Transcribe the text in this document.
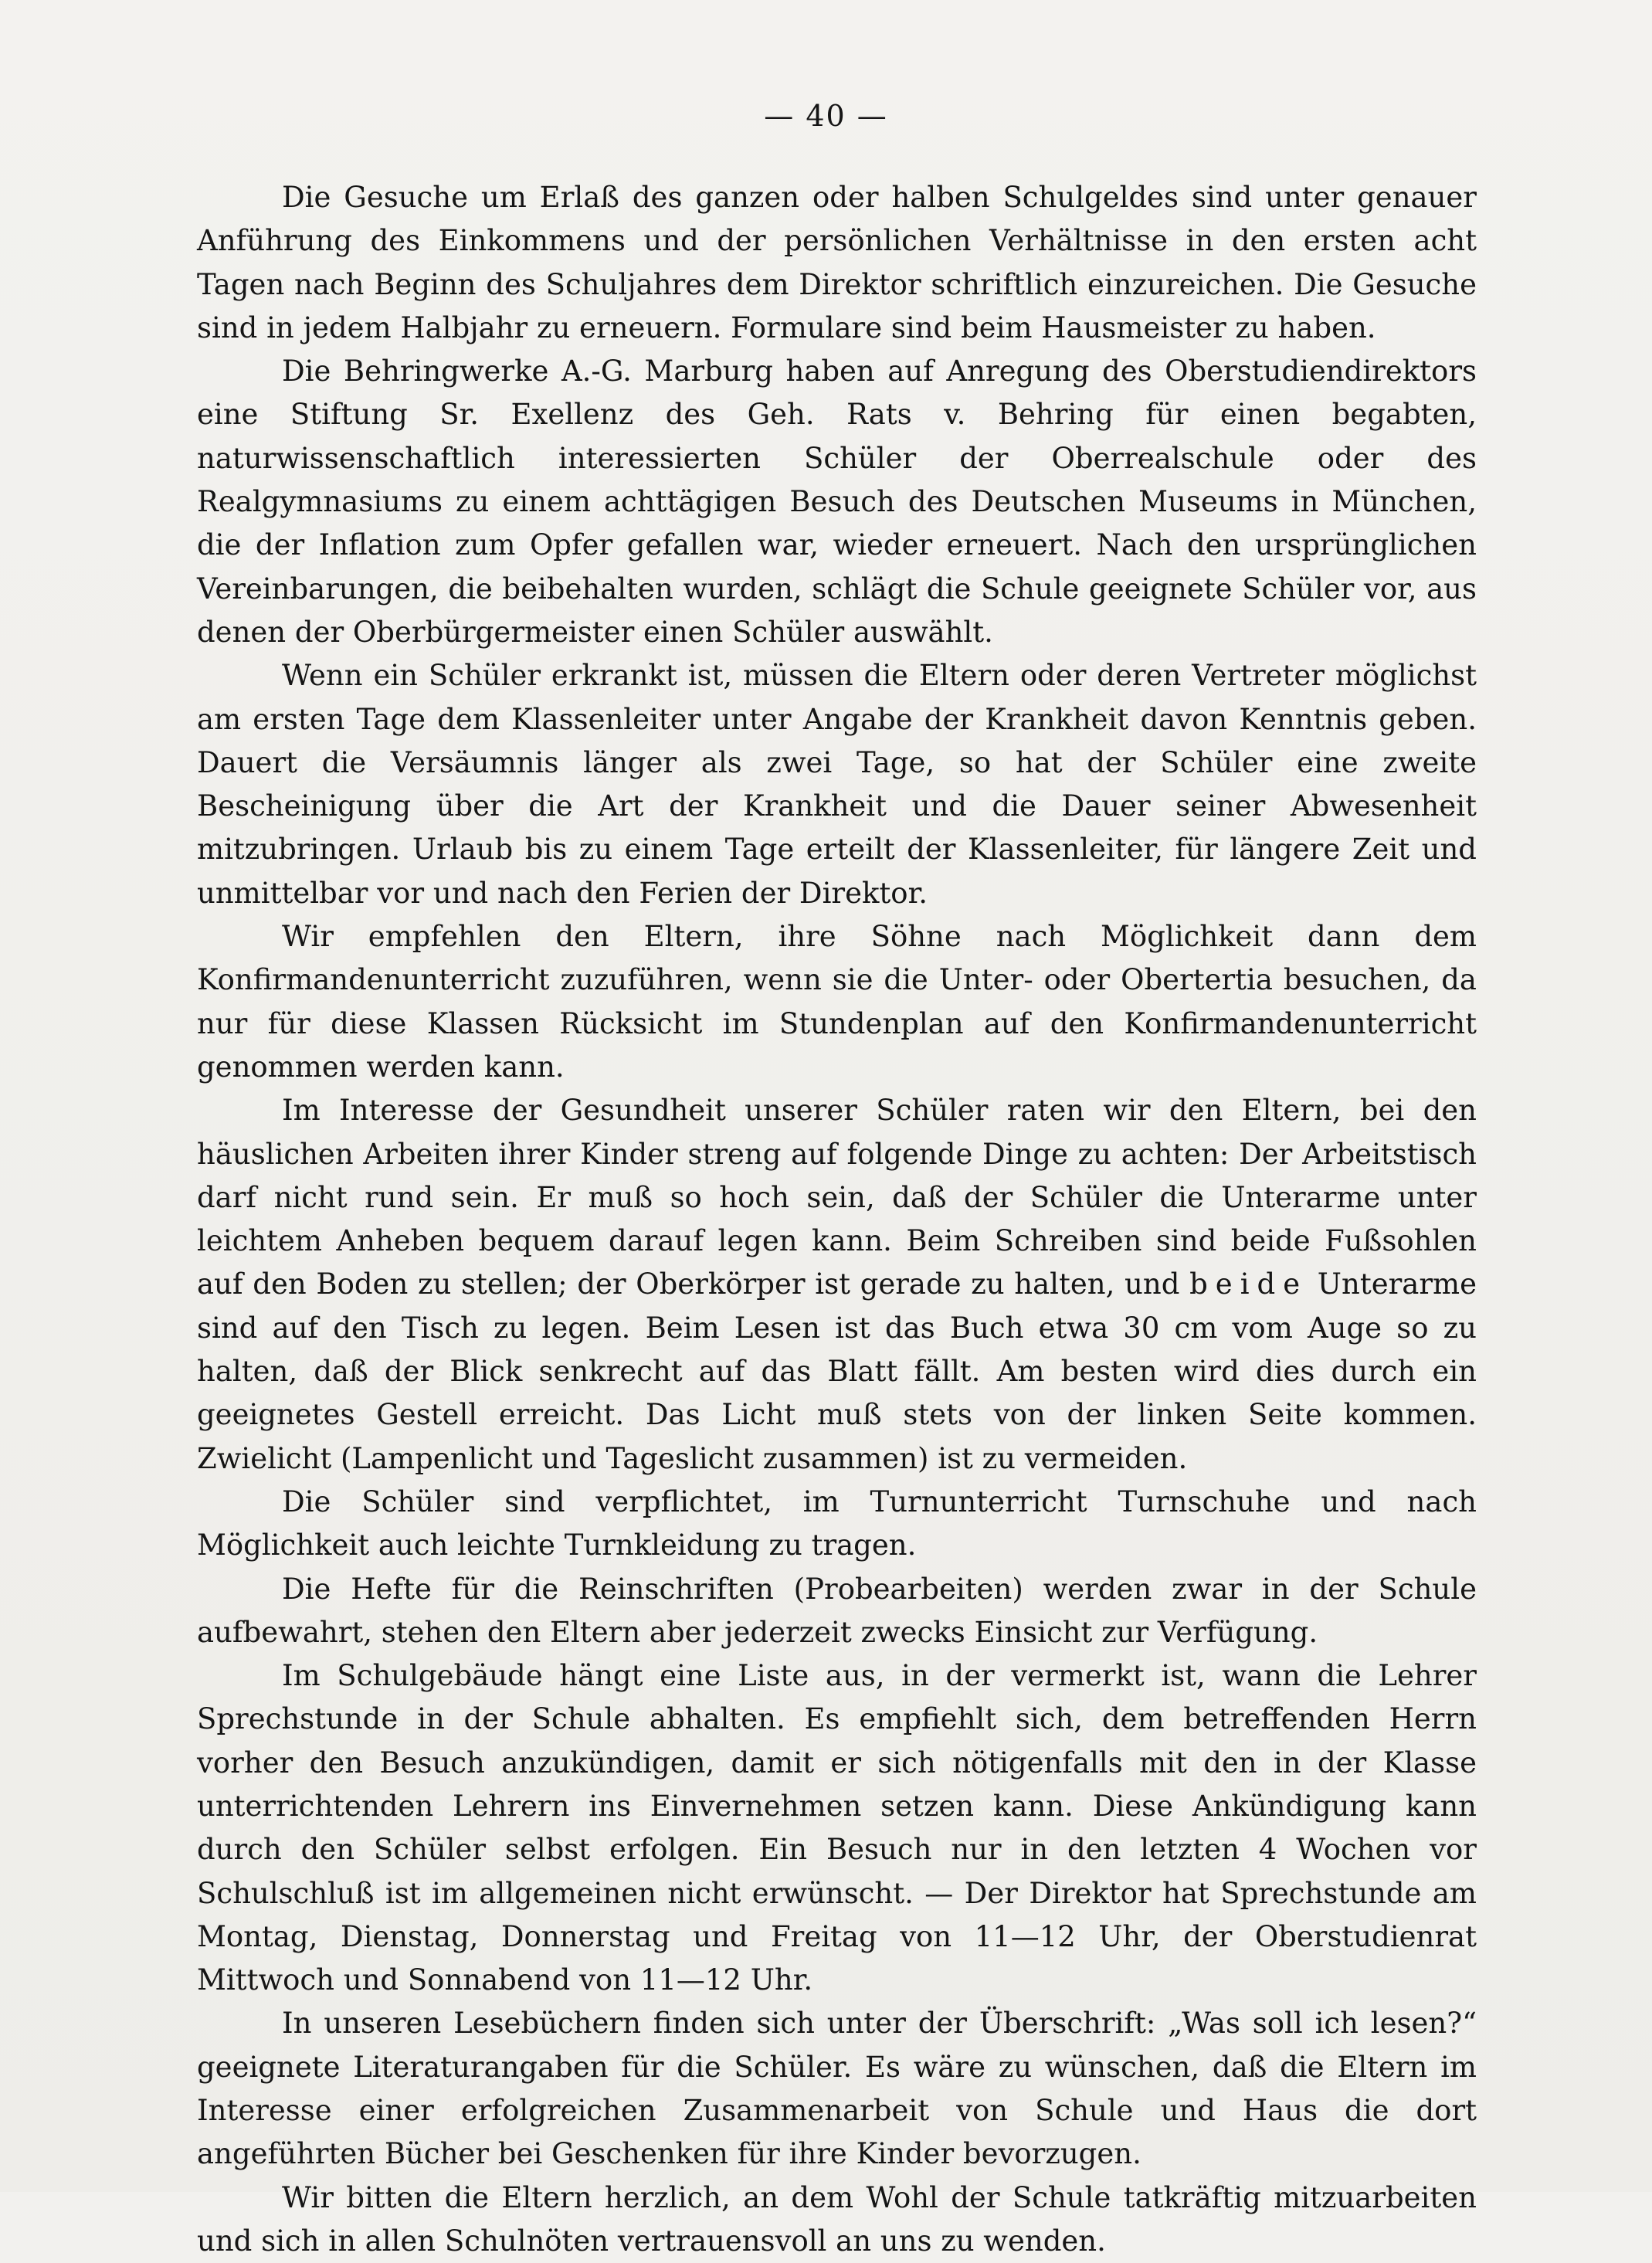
— 40 —

Die Gesuche um Erlaß des ganzen oder halben Schulgeldes sind unter genauer Anführung des Einkommens und der persönlichen Verhältnisse in den ersten acht Tagen nach Beginn des Schuljahres dem Direktor schriftlich einzureichen. Die Gesuche sind in jedem Halbjahr zu erneuern. Formulare sind beim Hausmeister zu haben.

Die Behringwerke A.-G. Marburg haben auf Anregung des Oberstudiendirektors eine Stiftung Sr. Exellenz des Geh. Rats v. Behring für einen begabten, naturwissenschaftlich interessierten Schüler der Oberrealschule oder des Realgymnasiums zu einem achttägigen Besuch des Deutschen Museums in München, die der Inflation zum Opfer gefallen war, wieder erneuert. Nach den ursprünglichen Vereinbarungen, die beibehalten wurden, schlägt die Schule geeignete Schüler vor, aus denen der Oberbürgermeister einen Schüler auswählt.

Wenn ein Schüler erkrankt ist, müssen die Eltern oder deren Vertreter möglichst am ersten Tage dem Klassenleiter unter Angabe der Krankheit davon Kenntnis geben. Dauert die Versäumnis länger als zwei Tage, so hat der Schüler eine zweite Bescheinigung über die Art der Krankheit und die Dauer seiner Abwesenheit mitzubringen. Urlaub bis zu einem Tage erteilt der Klassenleiter, für längere Zeit und unmittelbar vor und nach den Ferien der Direktor.

Wir empfehlen den Eltern, ihre Söhne nach Möglichkeit dann dem Konfirmandenunterricht zuzuführen, wenn sie die Unter- oder Obertertia besuchen, da nur für diese Klassen Rücksicht im Stundenplan auf den Konfirmandenunterricht genommen werden kann.

Im Interesse der Gesundheit unserer Schüler raten wir den Eltern, bei den häuslichen Arbeiten ihrer Kinder streng auf folgende Dinge zu achten: Der Arbeitstisch darf nicht rund sein. Er muß so hoch sein, daß der Schüler die Unterarme unter leichtem Anheben bequem darauf legen kann. Beim Schreiben sind beide Fußsohlen auf den Boden zu stellen; der Oberkörper ist gerade zu halten, und beide Unterarme sind auf den Tisch zu legen. Beim Lesen ist das Buch etwa 30 cm vom Auge so zu halten, daß der Blick senkrecht auf das Blatt fällt. Am besten wird dies durch ein geeignetes Gestell erreicht. Das Licht muß stets von der linken Seite kommen. Zwielicht (Lampenlicht und Tageslicht zusammen) ist zu vermeiden.

Die Schüler sind verpflichtet, im Turnunterricht Turnschuhe und nach Möglichkeit auch leichte Turnkleidung zu tragen.

Die Hefte für die Reinschriften (Probearbeiten) werden zwar in der Schule aufbewahrt, stehen den Eltern aber jederzeit zwecks Einsicht zur Verfügung.

Im Schulgebäude hängt eine Liste aus, in der vermerkt ist, wann die Lehrer Sprechstunde in der Schule abhalten. Es empfiehlt sich, dem betreffenden Herrn vorher den Besuch anzukündigen, damit er sich nötigenfalls mit den in der Klasse unterrichtenden Lehrern ins Einvernehmen setzen kann. Diese Ankündigung kann durch den Schüler selbst erfolgen. Ein Besuch nur in den letzten 4 Wochen vor Schulschluß ist im allgemeinen nicht erwünscht. — Der Direktor hat Sprechstunde am Montag, Dienstag, Donnerstag und Freitag von 11—12 Uhr, der Oberstudienrat Mittwoch und Sonnabend von 11—12 Uhr.

In unseren Lesebüchern finden sich unter der Überschrift: „Was soll ich lesen?“ geeignete Literaturangaben für die Schüler. Es wäre zu wünschen, daß die Eltern im Interesse einer erfolgreichen Zusammenarbeit von Schule und Haus die dort angeführten Bücher bei Geschenken für ihre Kinder bevorzugen.

Wir bitten die Eltern herzlich, an dem Wohl der Schule tatkräftig mitzuarbeiten und sich in allen Schulnöten vertrauensvoll an uns zu wenden.
